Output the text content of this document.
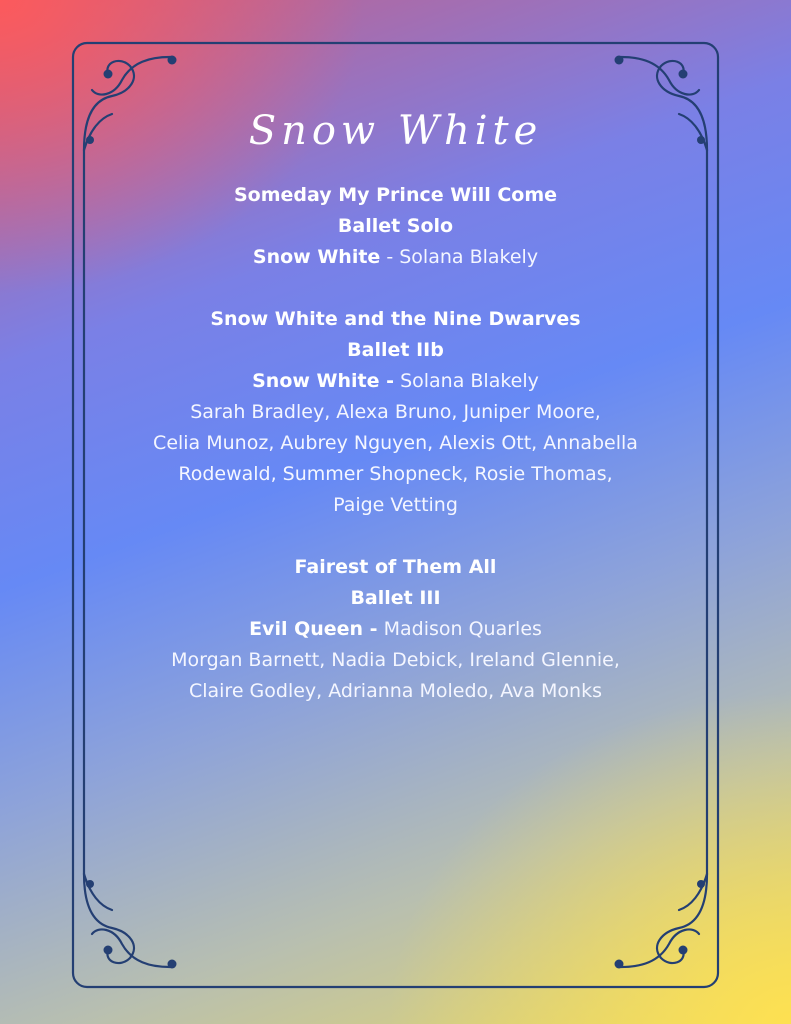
Snow White
Someday My Prince Will Come
Ballet Solo
Snow White - Solana Blakely
Snow White and the Nine Dwarves
Ballet IIb
Snow White - Solana Blakely
Sarah Bradley, Alexa Bruno, Juniper Moore,
Celia Munoz, Aubrey Nguyen, Alexis Ott, Annabella
Rodewald, Summer Shopneck, Rosie Thomas,
Paige Vetting
Fairest of Them All
Ballet III
Evil Queen - Madison Quarles
Morgan Barnett, Nadia Debick, Ireland Glennie,
Claire Godley, Adrianna Moledo, Ava Monks
